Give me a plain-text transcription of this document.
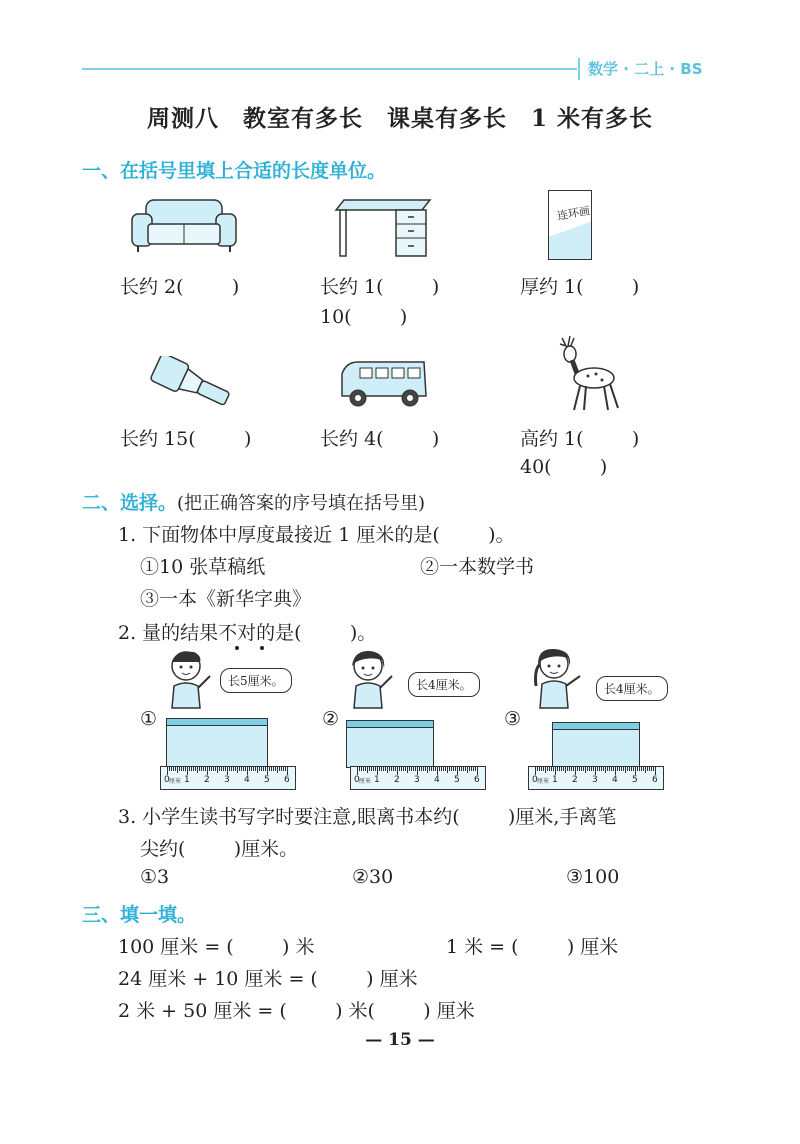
数学 · 二上 · BS
周测八　教室有多长　课桌有多长　1 米有多长
一、在括号里填上合适的长度单位。
长约 2(        )	长约 1(        )
10(        )
连环画
厚约 1(        )
长约 15(        )	长约 4(        )	高约 1(        )
40(        )
二、选择。(把正确答案的序号填在括号里)
1. 下面物体中厚度最接近 1 厘米的是(        )。
①10 张草稿纸	②一本数学书
③一本《新华字典》
2. 量的结果不对的是(        )。
长5厘米。
①
0 1 2 3 4 5 6
厘米
长4厘米。
②
0 1 2 3 4 5 6
厘米
长4厘米。
③
0 1 2 3 4 5 6
厘米
3. 小学生读书写字时要注意,眼离书本约(        )厘米,手离笔
尖约(        )厘米。
①3	②30	③100
三、填一填。
100 厘米 = (        ) 米	1 米 = (        ) 厘米
24 厘米 + 10 厘米 = (        ) 厘米
2 米 + 50 厘米 = (        ) 米(        ) 厘米
— 15 —
